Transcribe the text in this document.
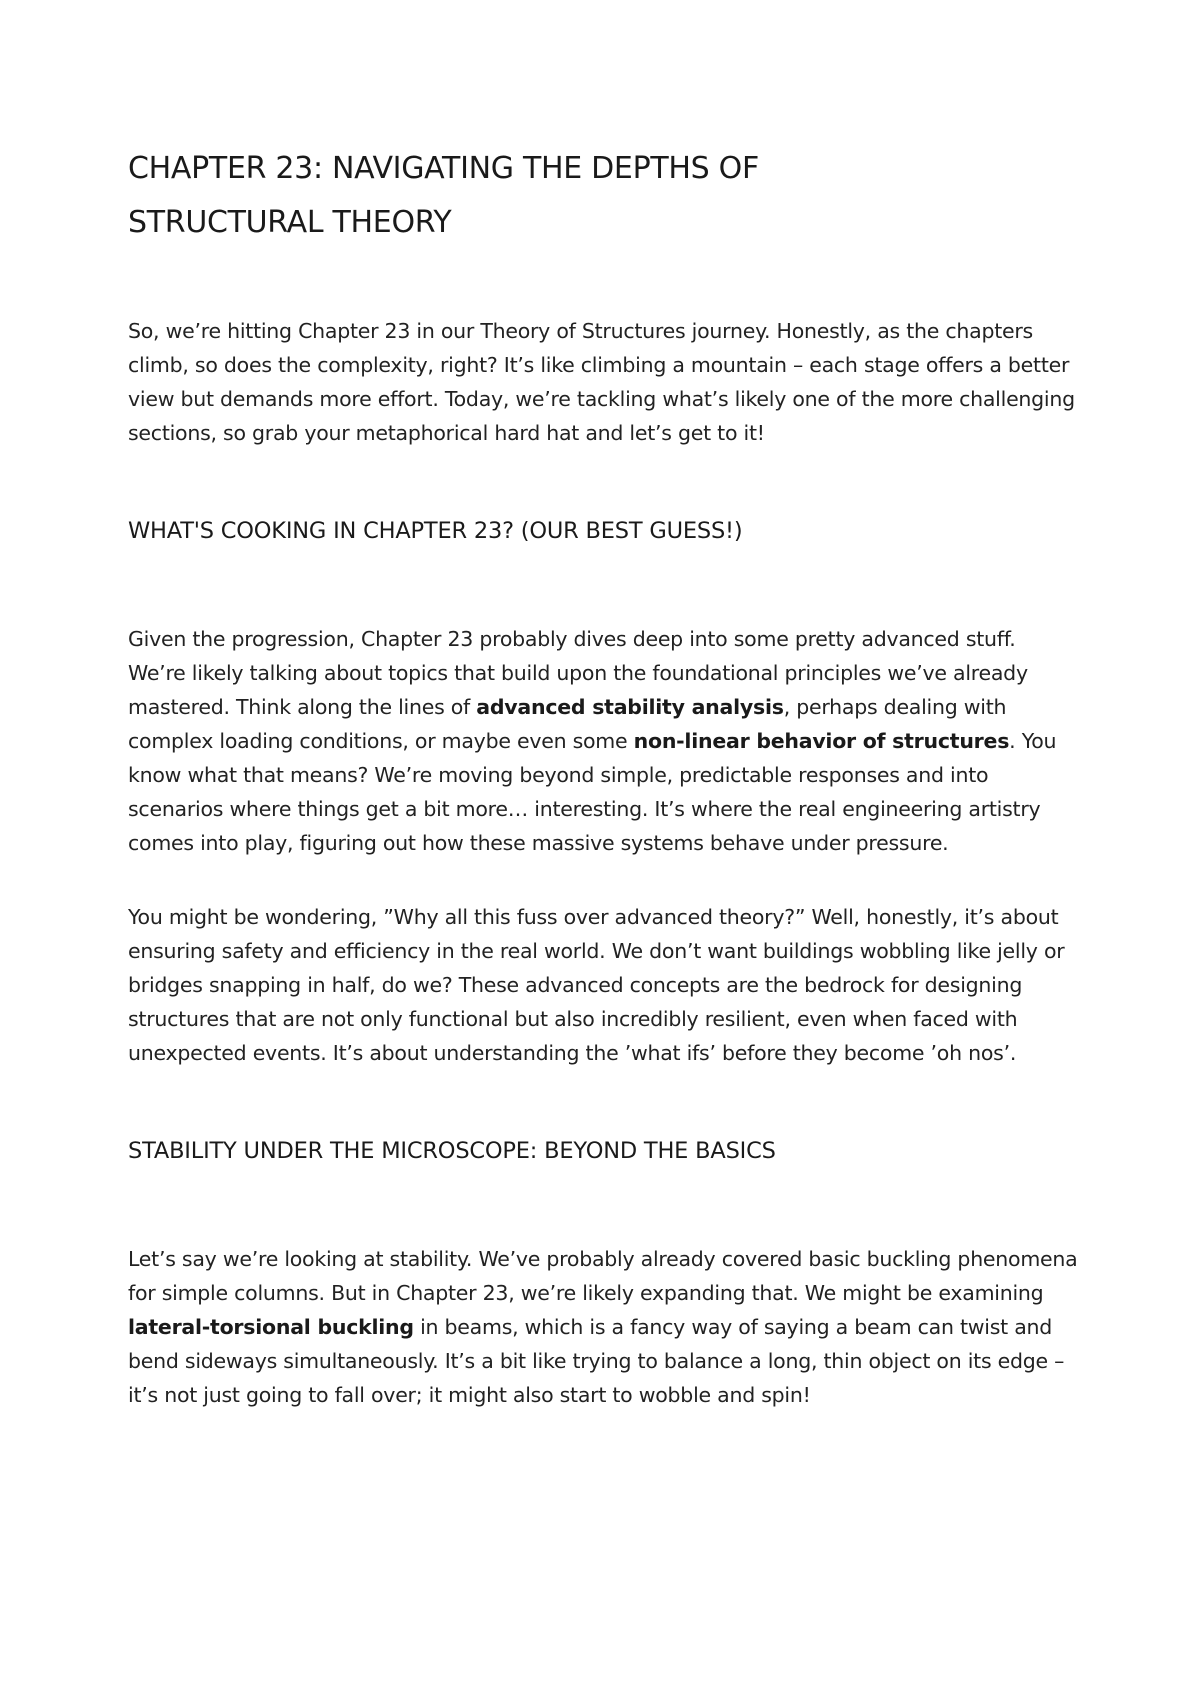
CHAPTER 23: NAVIGATING THE DEPTHS OF STRUCTURAL THEORY

So, we’re hitting Chapter 23 in our Theory of Structures journey. Honestly, as the chapters climb, so does the complexity, right? It’s like climbing a mountain – each stage offers a better view but demands more effort. Today, we’re tackling what’s likely one of the more challenging sections, so grab your metaphorical hard hat and let’s get to it!

WHAT'S COOKING IN CHAPTER 23? (OUR BEST GUESS!)

Given the progression, Chapter 23 probably dives deep into some pretty advanced stuff. We’re likely talking about topics that build upon the foundational principles we’ve already mastered. Think along the lines of advanced stability analysis, perhaps dealing with complex loading conditions, or maybe even some non-linear behavior of structures. You know what that means? We’re moving beyond simple, predictable responses and into scenarios where things get a bit more… interesting. It’s where the real engineering artistry comes into play, figuring out how these massive systems behave under pressure.

You might be wondering, ”Why all this fuss over advanced theory?” Well, honestly, it’s about ensuring safety and efficiency in the real world. We don’t want buildings wobbling like jelly or bridges snapping in half, do we? These advanced concepts are the bedrock for designing structures that are not only functional but also incredibly resilient, even when faced with unexpected events. It’s about understanding the ’what ifs’ before they become ’oh nos’.

STABILITY UNDER THE MICROSCOPE: BEYOND THE BASICS

Let’s say we’re looking at stability. We’ve probably already covered basic buckling phenomena for simple columns. But in Chapter 23, we’re likely expanding that. We might be examining lateral-torsional buckling in beams, which is a fancy way of saying a beam can twist and bend sideways simultaneously. It’s a bit like trying to balance a long, thin object on its edge – it’s not just going to fall over; it might also start to wobble and spin!
